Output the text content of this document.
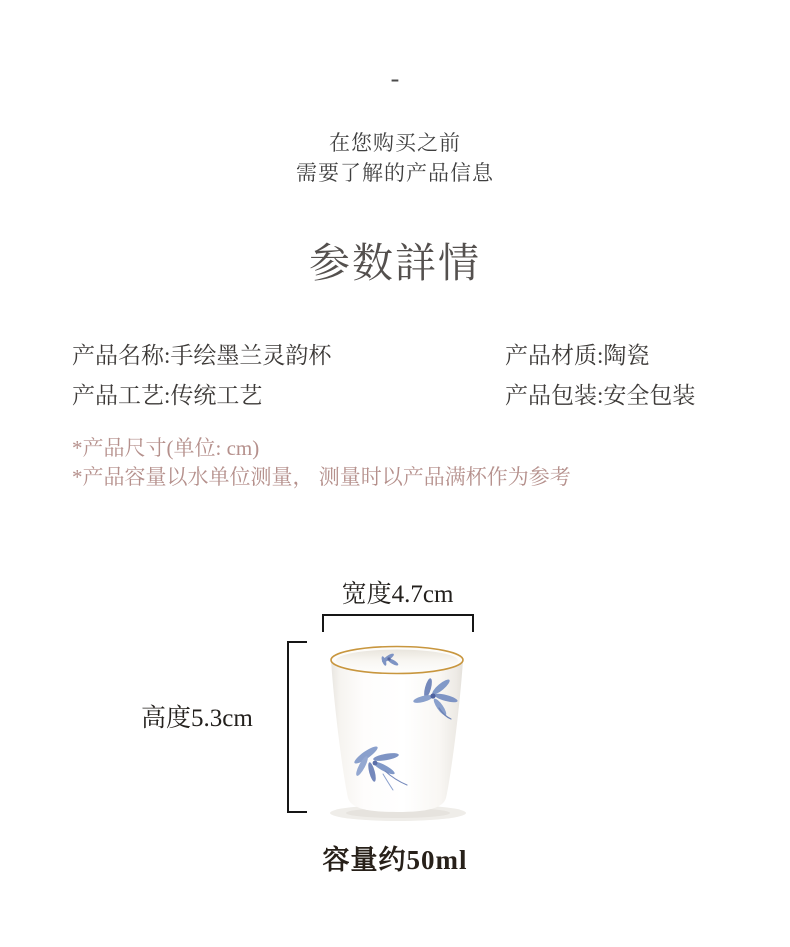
-
在您购买之前
需要了解的产品信息
参数詳情
产品名称:手绘墨兰灵韵杯	产品材质:陶瓷
产品工艺:传统工艺	产品包装:安全包装
*产品尺寸(单位: cm)
*产品容量以水单位测量， 测量时以产品满杯作为参考
宽度4.7cm
高度5.3cm
容量约50ml
